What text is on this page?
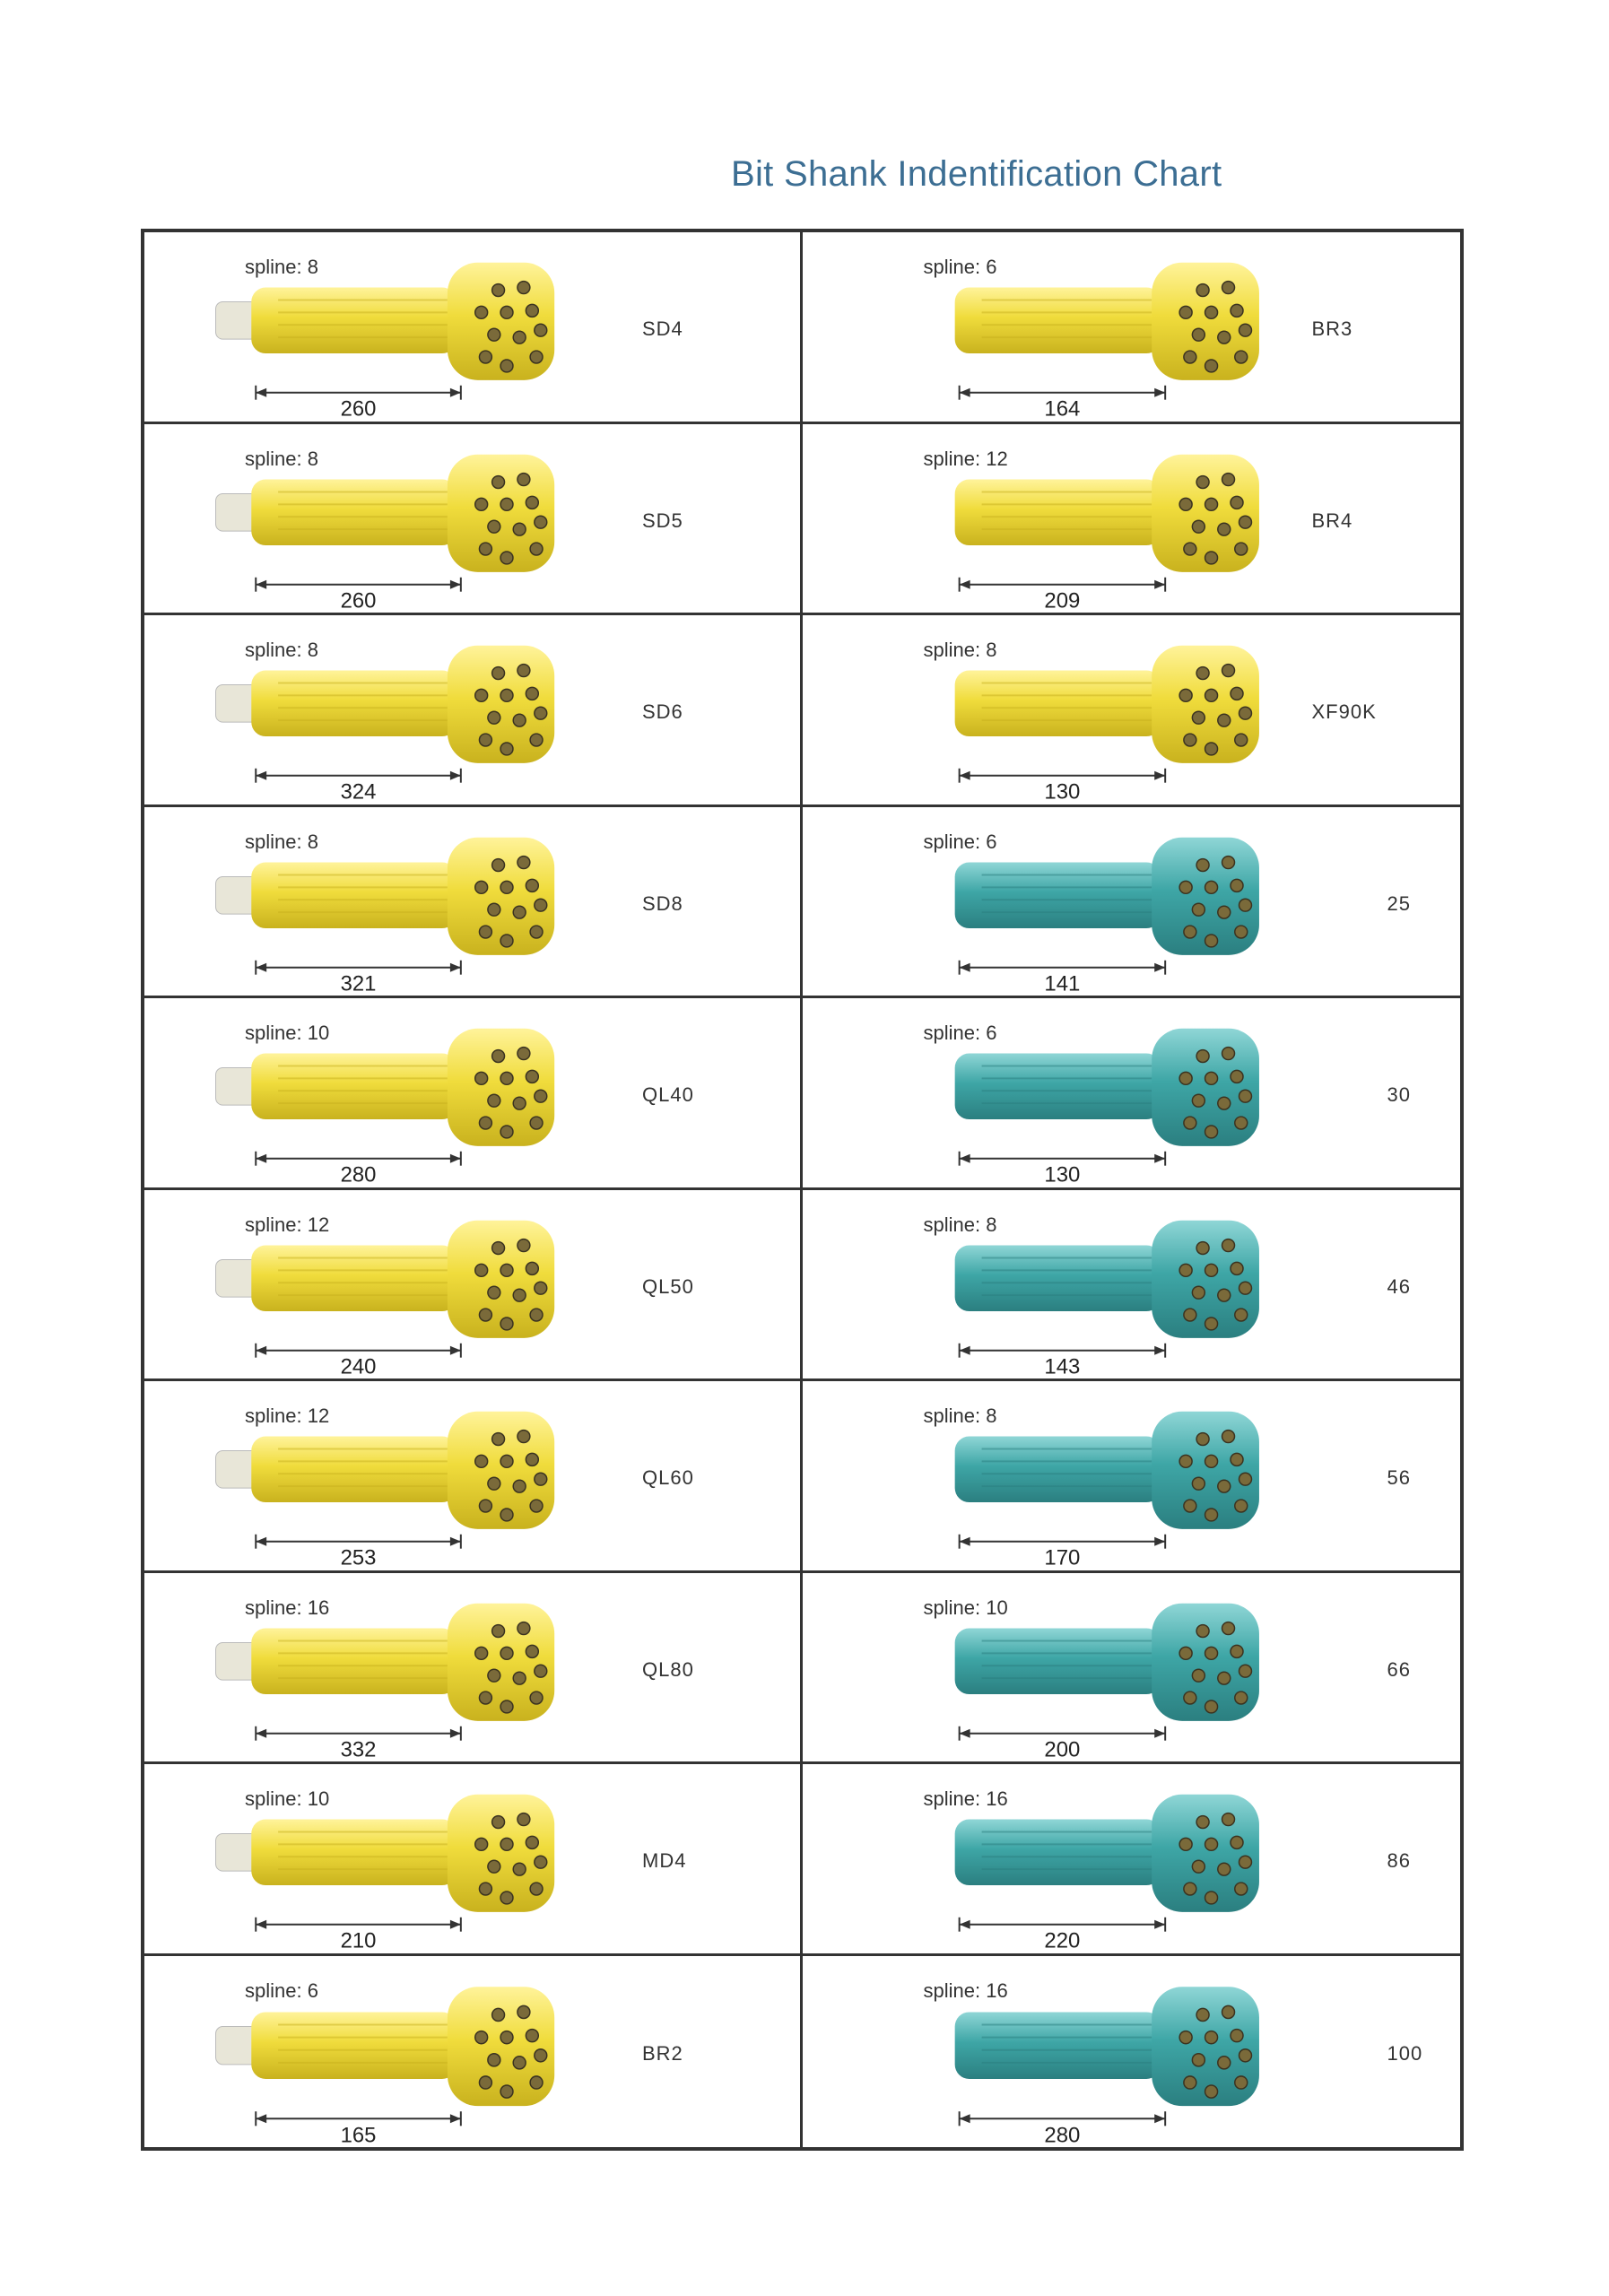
Bit Shank Indentification Chart
260
spline: 8
SD4
164
spline: 6
BR3
260
spline: 8
SD5
209
spline: 12
BR4
324
spline: 8
SD6
130
spline: 8
XF90K
321
spline: 8
SD8
141
spline: 6
25
280
spline: 10
QL40
130
spline: 6
30
240
spline: 12
QL50
143
spline: 8
46
253
spline: 12
QL60
170
spline: 8
56
332
spline: 16
QL80
200
spline: 10
66
210
spline: 10
MD4
220
spline: 16
86
165
spline: 6
BR2
280
spline: 16
100
